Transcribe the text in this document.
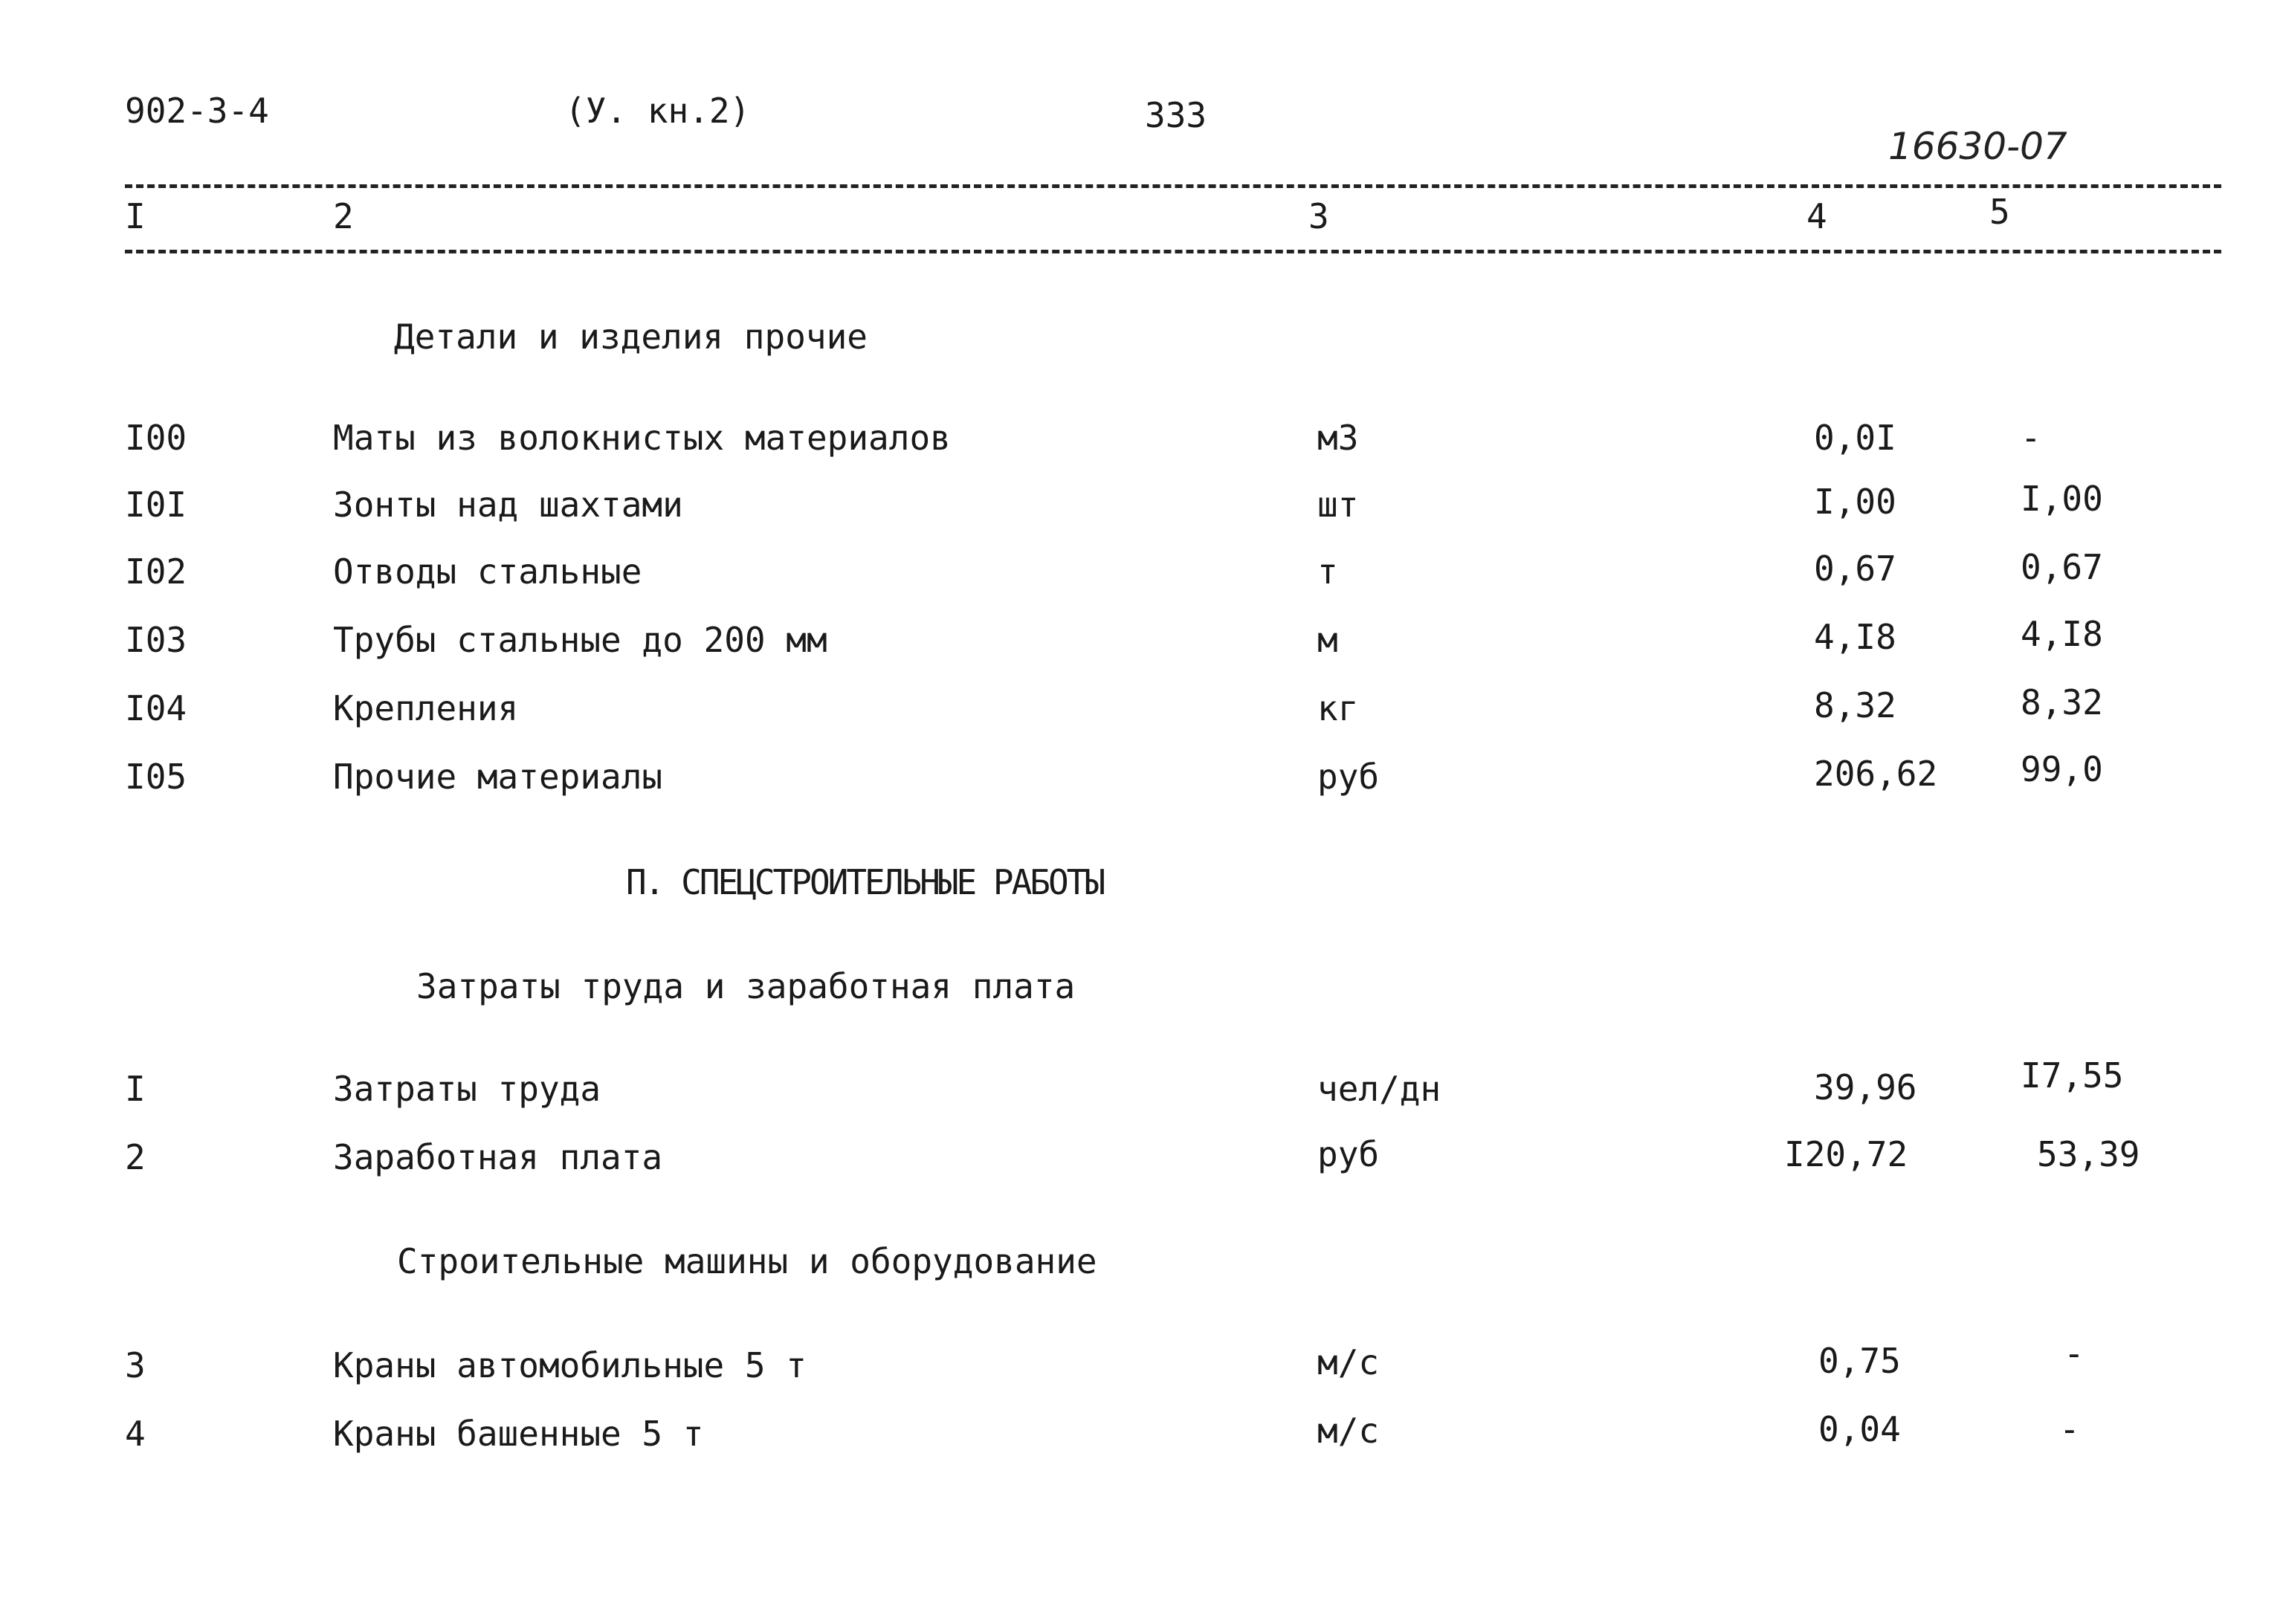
902-3-4	(У. кн.2)	333
16630-07
I	2	3	4	5
Детали и изделия прочие
I00	Маты из волокнистых материалов	м3	0,0I	-
I0I	Зонты над шахтами	шт	I,00	I,00
I02	Отводы стальные	т	0,67	0,67
I03	Трубы стальные до 200 мм	м	4,I8	4,I8
I04	Крепления	кг	8,32	8,32
I05	Прочие материалы	руб	206,62 99,0
П. СПЕЦСТРОИТЕЛЬНЫЕ РАБОТЫ
Затраты труда и заработная плата
I	Затраты труда	чел/дн	39,96	I7,55
2	Заработная плата	руб	I20,72	53,39
Строительные машины и оборудование
3	Краны автомобильные 5 т	м/с	0,75	-
4	Краны башенные 5 т	м/с	0,04	-
